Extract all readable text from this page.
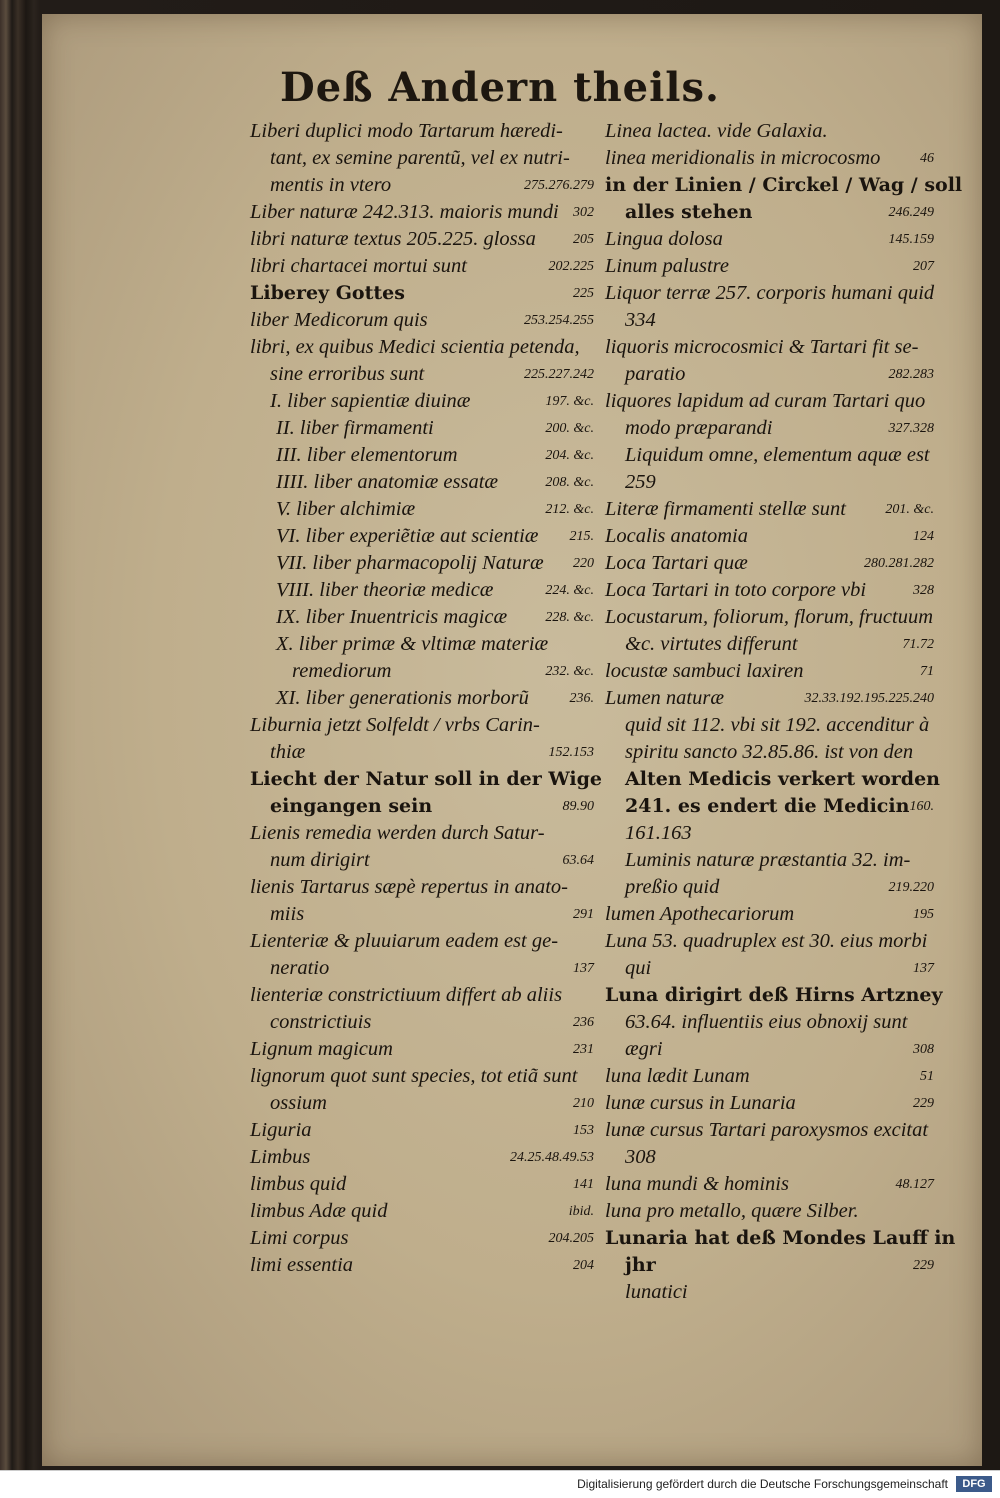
Deß Andern theils.
Liberi duplici modo Tartarum hæredi-
tant, ex semine parentũ, vel ex nutri-
mentis in vtero	275.276.279
Liber naturæ 242.313. maioris mundi 302
libri naturæ textus 205.225. glossa	205
libri chartacei mortui sunt	202.225
Liberey Gottes	225
liber Medicorum quis	253.254.255
libri, ex quibus Medici scientia petenda,
sine erroribus sunt	225.227.242
I. liber sapientiæ diuinæ	197. &c.
II. liber firmamenti	200. &c.
III. liber elementorum	204. &c.
IIII. liber anatomiæ essatæ	208. &c.
V. liber alchimiæ	212. &c.
VI. liber experiẽtiæ aut scientiæ 215.
VII. liber pharmacopolij Naturæ 220
VIII. liber theoriæ medicæ	224. &c.
IX. liber Inuentricis magicæ	228. &c.
X. liber primæ & vltimæ materiæ
remediorum	232. &c.
XI. liber generationis morborũ	236.
Liburnia jetzt Solfeldt / vrbs Carin-
thiæ	152.153
Liecht der Natur soll in der Wige
eingangen sein	89.90
Lienis remedia werden durch Satur-
num dirigirt	63.64
lienis Tartarus sæpè repertus in anato-
miis	291
Lienteriæ & pluuiarum eadem est ge-
neratio	137
lienteriæ constrictiuum differt ab aliis
constrictiuis	236
Lignum magicum	231
lignorum quot sunt species, tot etiã sunt
ossium	210
Liguria	153
Limbus	24.25.48.49.53
limbus quid	141
limbus Adæ quid	ibid.
Limi corpus	204.205
limi essentia	204
Linea lactea. vide Galaxia.
linea meridionalis in microcosmo	46
in der Linien / Circkel / Wag / soll
alles stehen	246.249
Lingua dolosa	145.159
Linum palustre	207
Liquor terræ 257. corporis humani quid
334
liquoris microcosmici & Tartari fit se-
paratio	282.283
liquores lapidum ad curam Tartari quo
modo præparandi	327.328
Liquidum omne, elementum aquæ est
259
Literæ firmamenti stellæ sunt	201. &c.
Localis anatomia	124
Loca Tartari quæ	280.281.282
Loca Tartari in toto corpore vbi	328
Locustarum, foliorum, florum, fructuum
&c. virtutes differunt	71.72
locustæ sambuci laxiren	71
Lumen naturæ	32.33.192.195.225.240
quid sit 112. vbi sit 192. accenditur à
spiritu sancto 32.85.86. ist von den
Alten Medicis verkert worden
241. es endert die Medicin 160.
161.163
Luminis naturæ præstantia 32. im-
preßio quid	219.220
lumen Apothecariorum	195
Luna 53. quadruplex est 30. eius morbi
qui	137
Luna dirigirt deß Hirns Artzney
63.64. influentiis eius obnoxij sunt
ægri	308
luna lædit Lunam	51
lunæ cursus in Lunaria	229
lunæ cursus Tartari paroxysmos excitat
308
luna mundi & hominis	48.127
luna pro metallo, quære Silber.
Lunaria hat deß Mondes Lauff in
jhr	229
lunatici
Digitalisierung gefördert durch die Deutsche Forschungsgemeinschaft	DFG
